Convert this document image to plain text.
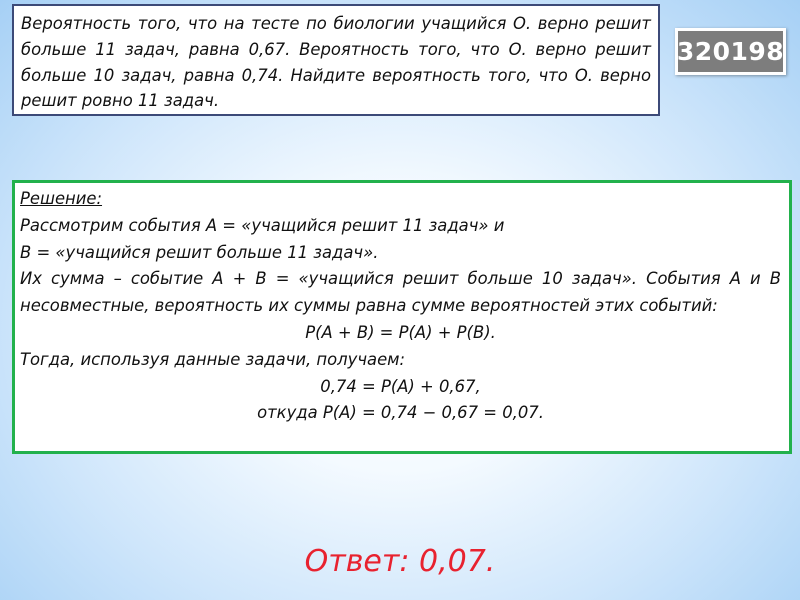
Вероятность того, что на тесте по биологии учащийся О. верно решит больше 11 задач, равна 0,67. Вероятность того, что О. верно решит больше 10 задач, равна 0,74. Найдите вероятность того, что О. верно решит ровно 11 задач.
320198
Решение:
Рассмотрим события А = «учащийся решит 11 задач» и
В = «учащийся решит больше 11 задач».
Их сумма – событие А + В = «учащийся решит больше 10 задач». События А и В несовместные, вероятность их суммы равна сумме вероятностей этих событий:
Р(А + В) = Р(А) + Р(В).
Тогда, используя данные задачи, получаем:
0,74 = Р(А) + 0,67,
откуда Р(А) = 0,74 − 0,67 = 0,07.
Ответ: 0,07.
